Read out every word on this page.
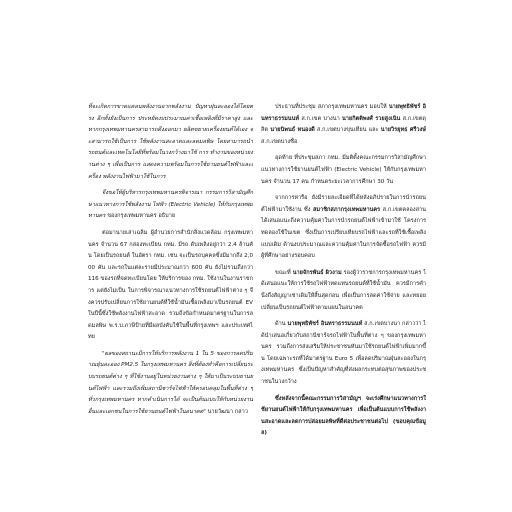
ที่จะเกิดการขาดแคลนพลังงานจากพลังงาน ปัญหาฝุ่นละอองได้โดยตรง อีกทั้งยังเป็นการ ประหยัดงบประมาณค่าเชื้อเพลิงที่มีราคาสูง และหากกรุงเทพมหานครสามารถดึงออกมา ผลิตขยายเครื่องยนต์ได้เอง จะสามารถใช้เป็นการ ใช้พลังงานสะอาดและลดมลพิษ โดยสามารถนำ รถยนต์และเทคโนโลยีที่พร้อมในวงกว้างมาใช้ การ ทำงานของหน่วยงานต่าง ๆ เพื่อเป็นการ แสดงความพร้อมในการใช้ยานยนต์ไฟฟ้าและเครื่อง พลังงานไฟฟ้ามาใช้ในการ

จึงขอให้ผู้บริหารกรุงเทพมหานครพิจารณา กรรมการวิสามัญศึกษาแนวทางการใช้พลังงาน ไฟฟ้า (Electric Vehicle) ให้กับกรุงเทพมหานคร ของกรุงเทพมหานคร อธิบาย

ต่อมานายเล่าเฉลิม ผู้อำนวยการสำนักสิ่งแวดล้อม กรุงเทพมหานคร จำนวน 67 กล่องทะเบียน กทม. มีรถ ดับเพลิงอยู่กว่า 2.4 ล้านคัน โดยเป็นรถยนต์ ในอัตรา กทม. เช่น จะเป็นรถบุคคลซึ่งมีมากถึง 2,000 คัน และรถในแต่ละรายมีประมาณกว่า 600 คัน ยังไม่รวมถึงกว่า 116 ของรถที่จดทะเบียนโดย ให้บริการของ กทม. ใช้งานในงานราชการ แต่ยังไม่เป็น ในการพิจารณาแนวทางการใช้รถยนต์ไฟฟ้าต่าง ๆ จึงควรปรับเปลี่ยนการใช้ยานยนต์ที่ใช้น้ำมันเชื้อเพลิงมาเป็นรถยนต์ EV ในปีนี้ซึ่งใช้พลังงานไฟฟ้าสะอาด รวมถึงข้อกำหนดมาตรฐานในการลดมลพิษ พ.ร.บ.ภาษีป้ายที่มีผลบังคับใช้ในพื้นที่กรุงเทพฯ และประเทศไทย

"ผลของสถานะมีการให้บริการพลังงาน 1 ใน 5 ของการลดปริมาณฝุ่นละออง PM2.5 ในกรุงเทพมหานคร สิ่งที่ต้องทำคือการเปลี่ยนระบบรถยนต์ต่าง ๆ ที่ใช้งานอยู่ในหน่วยงานต่าง ๆ ให้มาเป็นระบบยานยนต์ไฟฟ้า และรวมถึงเพิ่มสถานีชาร์จไฟฟ้าให้ครอบคลุมในพื้นที่ต่าง ๆ ทั่วกรุงเทพมหานคร หากดำเนินการได้ จะเป็นต้นแบบให้กับหน่วยงานอื่นและเอกชนในการใช้ยานยนต์ไฟฟ้าในอนาคต" นายวัฒนา กล่าว

ประธานที่ประชุม สภากรุงเทพมหานคร มอบให้ นายพุทธิพัชร์ อินทราธรรมนนท์ ส.ก.เขต บางนา นายกิตติพงศ์ รวยสูงเนิน ส.ก.เขตดุสิต นายนิพนธ์ หนองดี ส.ก.เขตบางขุนเทียน และ นายวิรยุทธ ศรีวงษ์ ส.ก.เขตบางซื่อ

อุดท้าย ที่ประชุมสภา กทม. มีมติตั้งคณะกรรมการวิสามัญศึกษาแนวทางการใช้ยานยนต์ไฟฟ้า (Electric Vehicle) ให้กับกรุงเทพมหานคร จำนวน 17 คน กำหนดระยะเวลาการศึกษา 30 วัน

จากการหารือ ยังมีรายละเอียดที่ได้หลังอภิปรายในการนำรถยนต์ไฟฟ้ามาใช้งาน ซึ่ง สมาชิกสภากรุงเทพมหานคร ส.ก.เขตคลองสาน ได้เสนอแนะถึงความคุ้มค่าในการนำรถยนต์ไฟฟ้าเข้ามาใช้ โครงการทดลองใช้ในเขต ซึ่งเป็นการเปรียบเทียบรถไฟฟ้าและรถที่ใช้เชื้อเพลิงแบบเดิม ด้านงบประมาณและความคุ้มค่าในการจัดซื้อรถไฟฟ้า ควรมีผู้ที่ศึกษาอย่างรอบคอบ

ขณะที่ นายจักรพันธ์ ผิวงาม รองผู้ว่าราชการกรุงเทพมหานคร ได้เสนอแนะให้การใช้รถไฟฟ้าทดแทนรถยนต์ที่ใช้น้ำมัน ควรมีการคำนึงถึงสัญญาเช่าเดิมให้สิ้นสุดก่อน เพื่อเป็นการลดค่าใช้จ่าย และทยอยเปลี่ยนเป็นรถยนต์ไฟฟ้าตามแผนในอนาคต

ด้าน นายพุทธิพัชร์ อินทราธรรมนนท์ ส.ก.เขตบางนา กล่าวว่า ได้นำเสนอเกี่ยวกับสถานีชาร์จรถไฟฟ้าในพื้นที่ต่าง ๆ ของกรุงเทพมหานคร รวมถึงการส่งเสริมให้ประชาชนหันมาใช้รถยนต์ไฟฟ้าเพิ่มมากขึ้น โดยเฉพาะรถที่ได้มาตรฐาน Euro 5 เพื่อลดปริมาณฝุ่นละอองในกรุงเทพมหานคร ซึ่งเป็นปัญหาสำคัญที่ส่งผลกระทบต่อสุขภาพของประชาชนในวงกว้าง

ซึ่งหลังจากนี้คณะกรรมการวิสามัญฯ จะเร่งศึกษาแนวทางการใช้ยานยนต์ไฟฟ้าให้กับกรุงเทพมหานคร เพื่อเป็นต้นแบบการใช้พลังงานสะอาดและลดการปล่อยมลพิษที่ดีต่อประชาชนต่อไป (ขอบคุณข้อมูล)
